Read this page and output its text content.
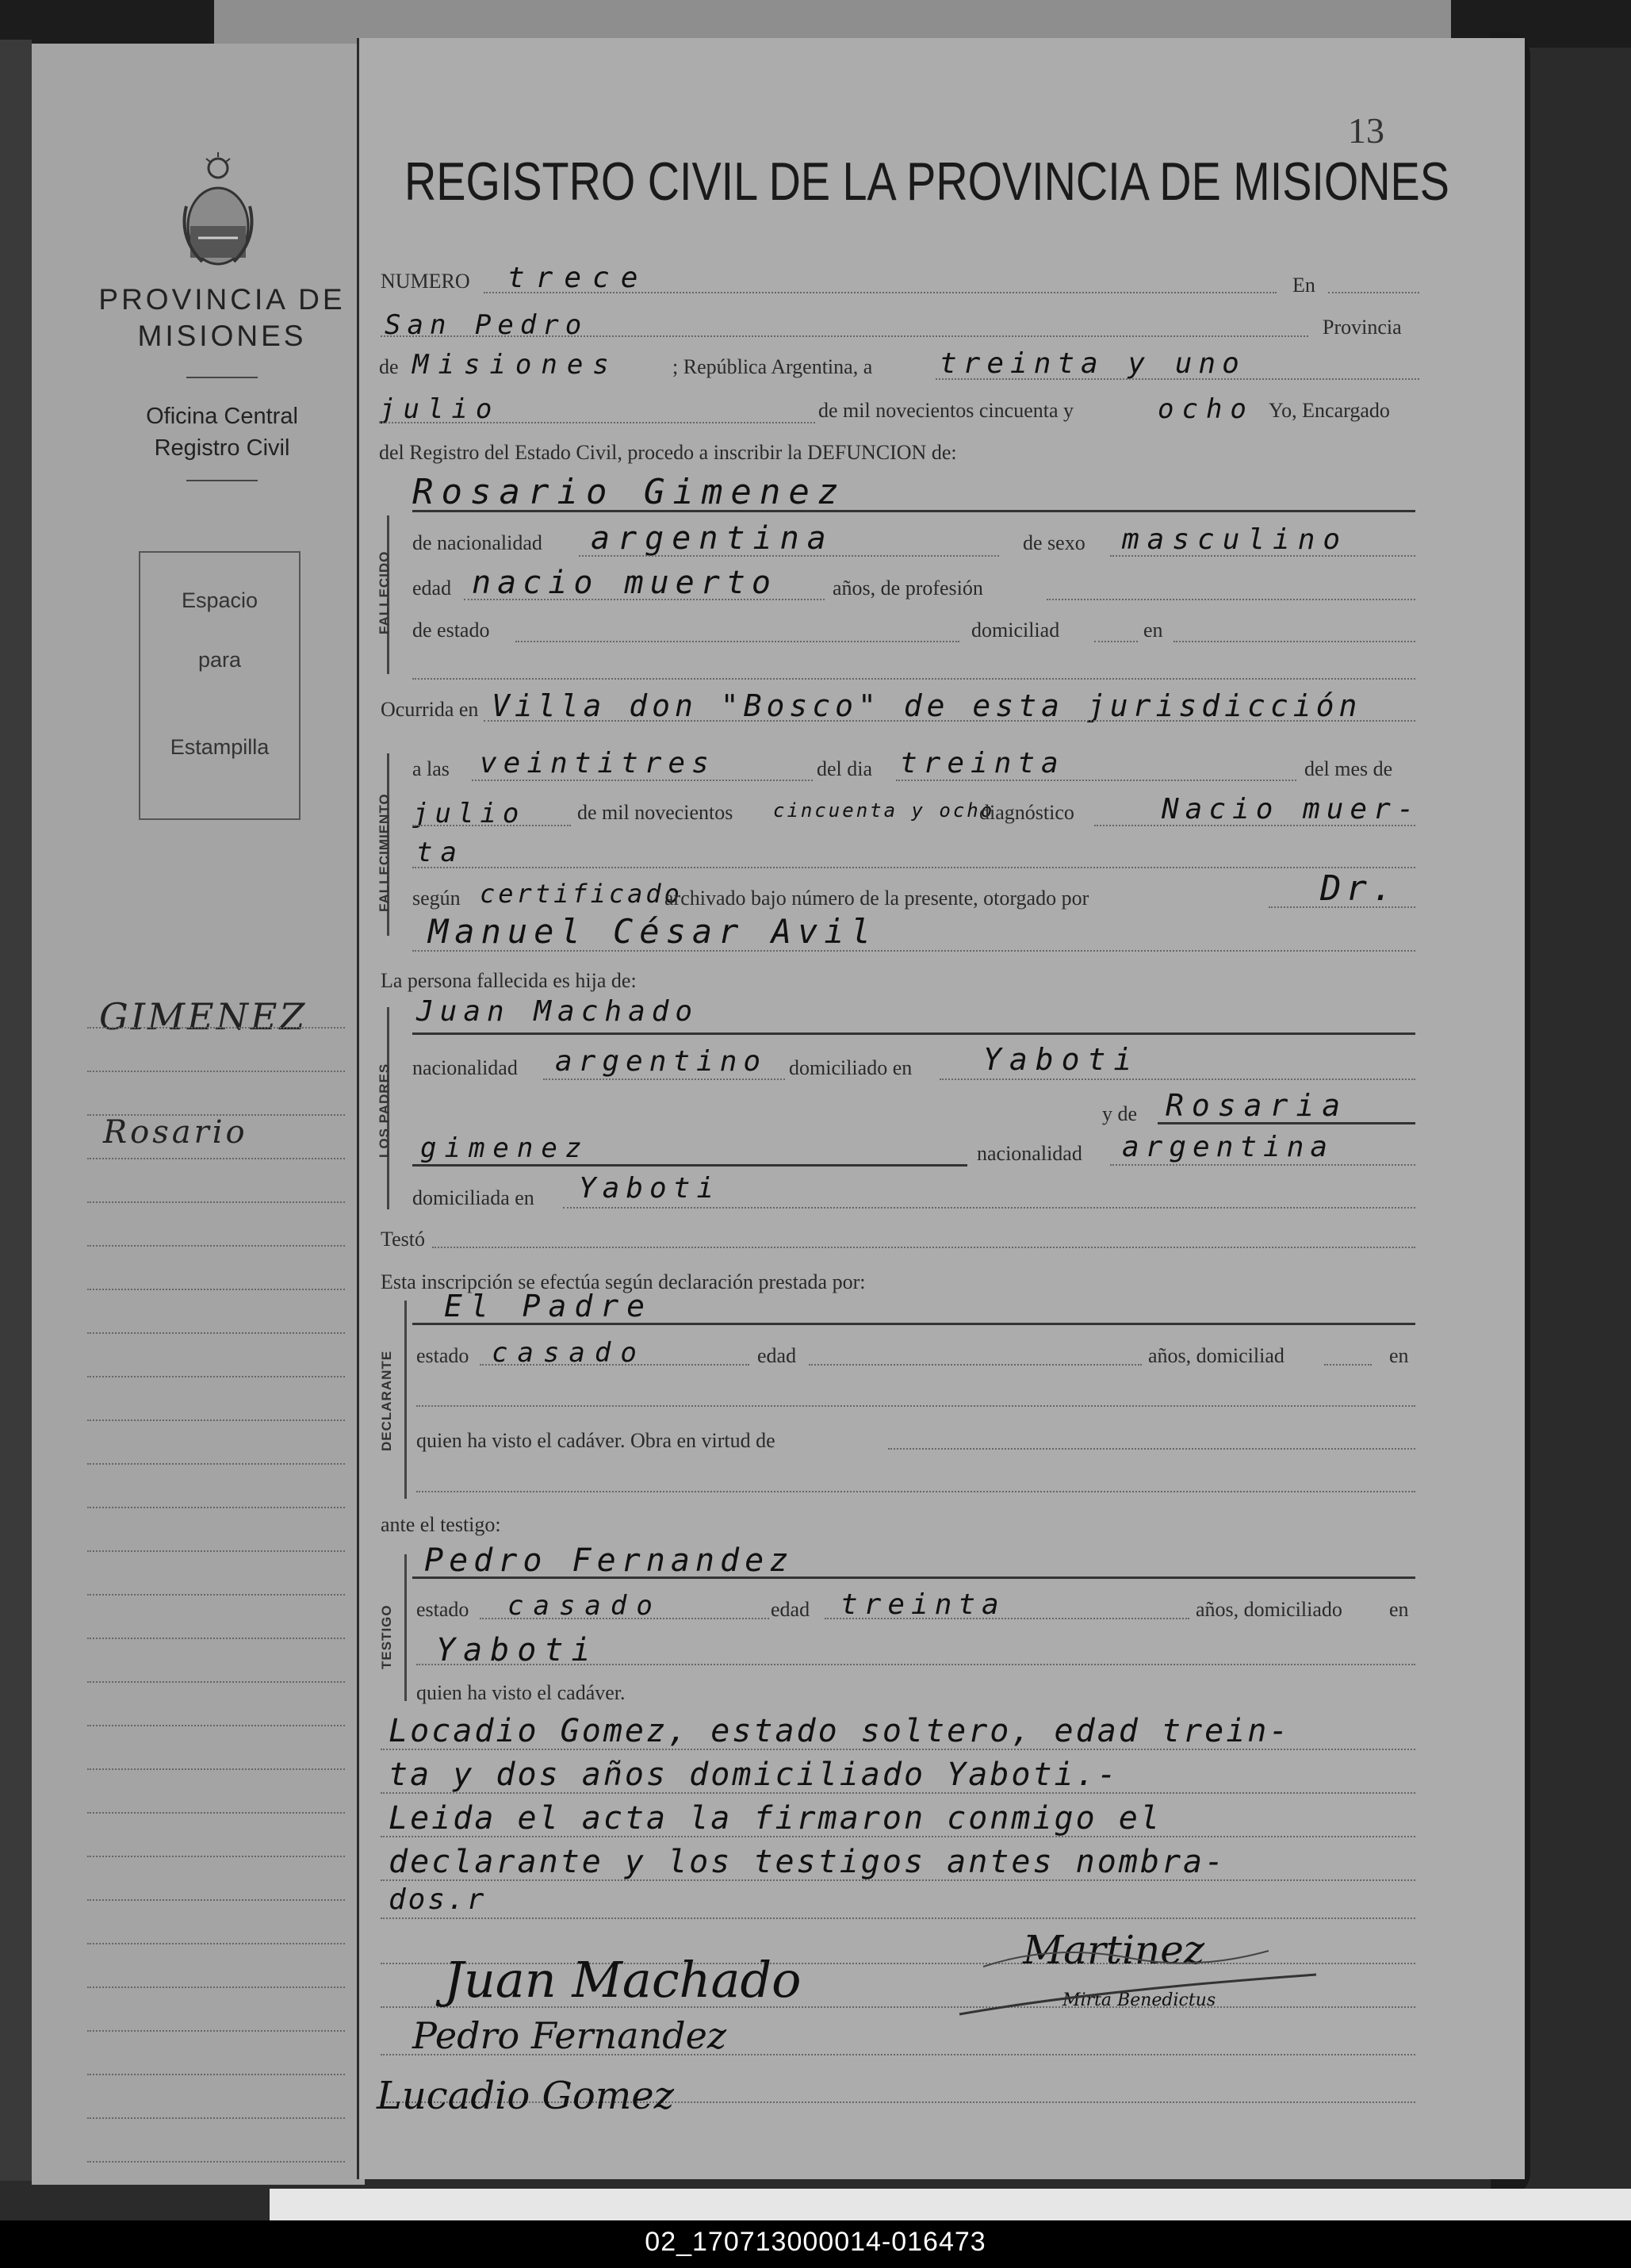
02_170713000014-016473
PROVINCIA DE MISIONES
Oficina Central
Registro Civil
Espacio
para
Estampilla
GIMENEZ
Rosario
13
REGISTRO CIVIL DE LA PROVINCIA DE MISIONES
NUMERO trece	En
San Pedro	Provincia
de Misiones	; República Argentina, a treinta y uno
julio	de mil novecientos cincuenta y	ocho Yo, Encargado
del Registro del Estado Civil, procedo a inscribir la DEFUNCION de:
FALLECIDO
Rosario Gimenez
de nacionalidad argentina	de sexo masculino
edad nacio muerto	años, de profesión
de estado	domiciliad	en
Ocurrida en Villa don "Bosco" de esta jurisdicción
FALLECIMIENTO
a las veintitres	del dia treinta	del mes de
julio	de mil novecientos cincuenta y ocho
diagnóstico	Nacio muer-
ta
según certificado
archivado bajo número de la presente, otorgado por	Dr.
Manuel César Avil
La persona fallecida es hija de:
LOS PADRES
Juan Machado
nacionalidad argentino domiciliado en Yaboti
y de Rosaria
gimenez	nacionalidad argentina
domiciliada en Yaboti
Testó
Esta inscripción se efectúa según declaración prestada por:
DECLARANTE
El Padre
estado casado	edad	años, domiciliad	en
quien ha visto el cadáver. Obra en virtud de
ante el testigo:
TESTIGO
Pedro Fernandez
estado casado	edad treinta	años, domiciliado en
Yaboti
quien ha visto el cadáver.
Locadio Gomez, estado soltero, edad trein-
ta y dos años domiciliado Yaboti.-
Leida el acta la firmaron conmigo el
declarante y los testigos antes nombra-
dos.r
Juan Machado
Pedro Fernandez
Lucadio Gomez
Martinez
Mirta Benedictus
